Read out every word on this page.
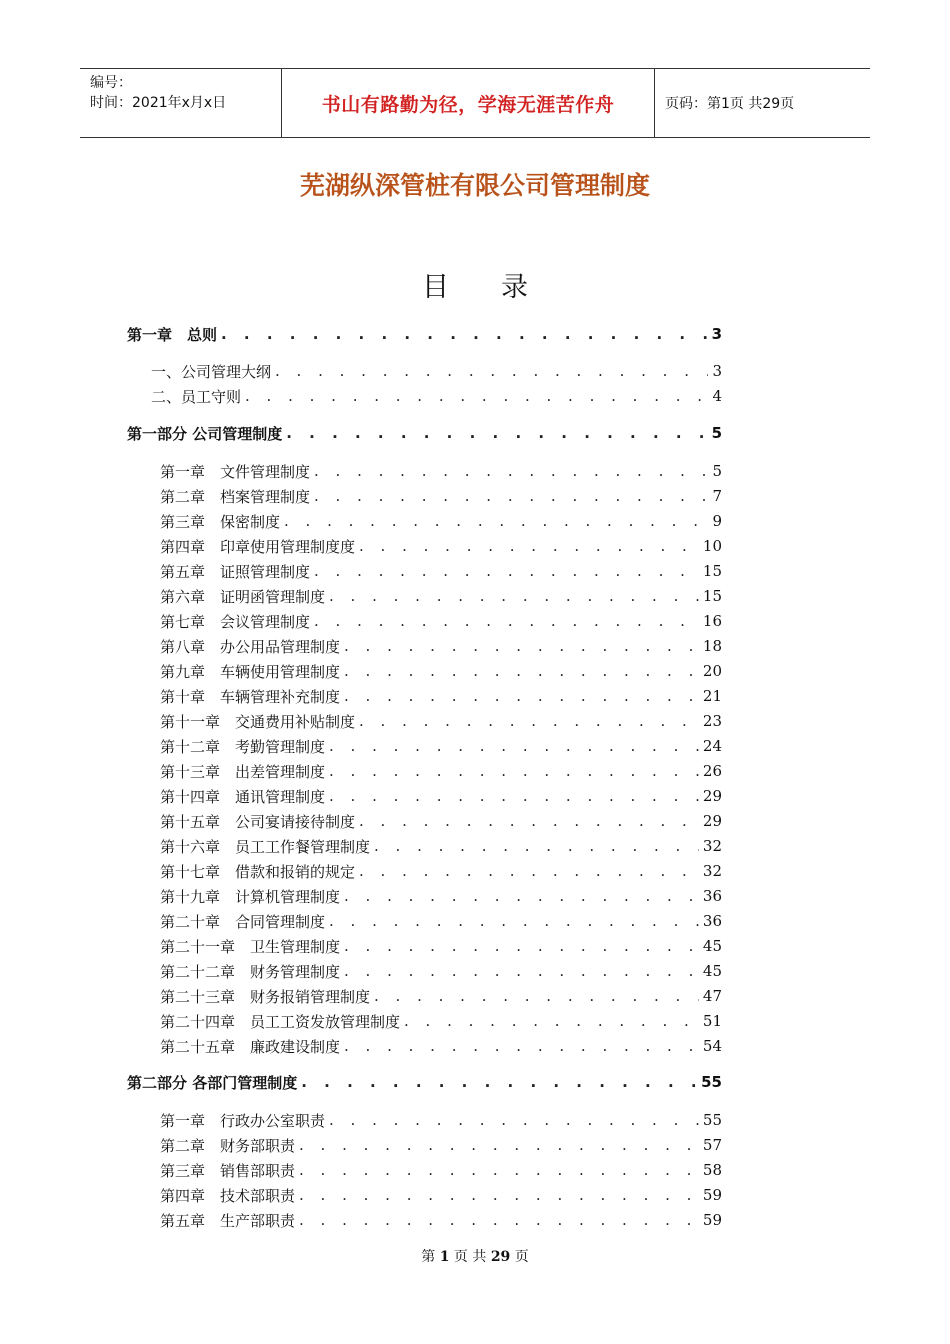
编号：
时间：2021年x月x日	书山有路勤为径，学海无涯苦作舟	页码：第1页 共29页
芜湖纵深管桩有限公司管理制度
目录
第一章　总则 . . .	3
一、公司管理大纲 . . .	3
二、员工守则 . . .	4
第一部分 公司管理制度 . . .	5
第一章　文件管理制度 . . .	5
第二章　档案管理制度 . . .	7
第三章　保密制度 . . .	9
第四章　印章使用管理制度度 . . .	10
第五章　证照管理制度 . . .	15
第六章　证明函管理制度 . . .	15
第七章　会议管理制度 . . .	16
第八章　办公用品管理制度 . . .	18
第九章　车辆使用管理制度 . . .	20
第十章　车辆管理补充制度 . . .	21
第十一章　交通费用补贴制度 . . .	23
第十二章　考勤管理制度 . . .	24
第十三章　出差管理制度 . . .	26
第十四章　通讯管理制度 . . .	29
第十五章　公司宴请接待制度 . . .	29
第十六章　员工工作餐管理制度 . . .	32
第十七章　借款和报销的规定 . . .	32
第十九章　计算机管理制度 . . .	36
第二十章　合同管理制度 . . .	36
第二十一章　卫生管理制度 . . .	45
第二十二章　财务管理制度 . . .	45
第二十三章　财务报销管理制度 . . .	47
第二十四章　员工工资发放管理制度 . . .	51
第二十五章　廉政建设制度 . . .	54
第二部分 各部门管理制度 . . .	55
第一章　行政办公室职责 . . .	55
第二章　财务部职责 . . .	57
第三章　销售部职责 . . .	58
第四章　技术部职责 . . .	59
第五章　生产部职责 . . .	59
第 1 页 共 29 页
